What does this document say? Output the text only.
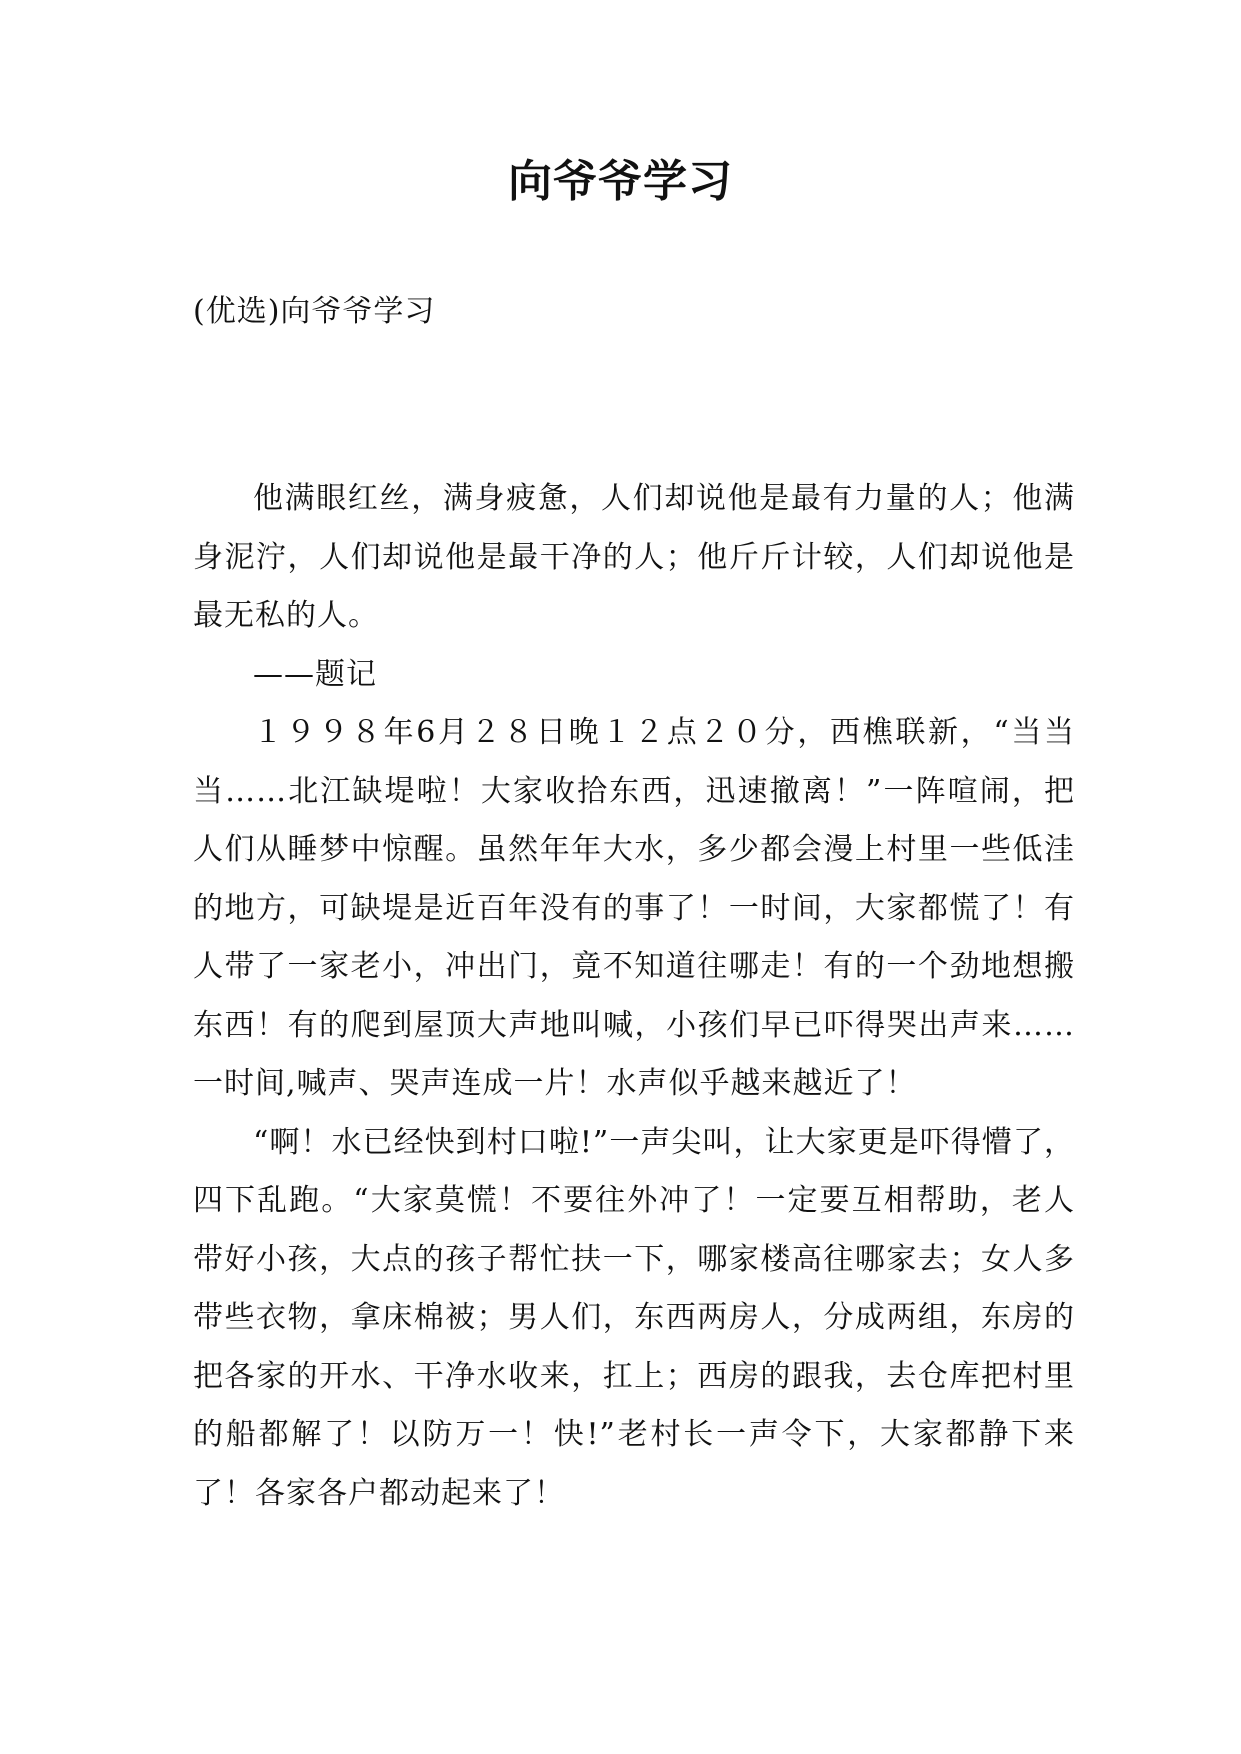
向爷爷学习

(优选)向爷爷学习

他满眼红丝，满身疲惫，人们却说他是最有力量的人；他满身泥泞，人们却说他是最干净的人；他斤斤计较，人们却说他是最无私的人。

——题记

１９９８年6月２８日晚１２点２０分，西樵联新，“当当当……北江缺堤啦！大家收拾东西，迅速撤离！”一阵喧闹，把人们从睡梦中惊醒。虽然年年大水，多少都会漫上村里一些低洼的地方，可缺堤是近百年没有的事了！一时间，大家都慌了！有人带了一家老小，冲出门，竟不知道往哪走！有的一个劲地想搬东西！有的爬到屋顶大声地叫喊，小孩们早已吓得哭出声来……一时间,喊声、哭声连成一片！水声似乎越来越近了！

“啊！水已经快到村口啦!”一声尖叫，让大家更是吓得懵了，四下乱跑。“大家莫慌！不要往外冲了！一定要互相帮助，老人带好小孩，大点的孩子帮忙扶一下，哪家楼高往哪家去；女人多带些衣物，拿床棉被；男人们，东西两房人，分成两组，东房的把各家的开水、干净水收来，扛上；西房的跟我，去仓库把村里的船都解了！以防万一！快!”老村长一声令下，大家都静下来了！各家各户都动起来了！
